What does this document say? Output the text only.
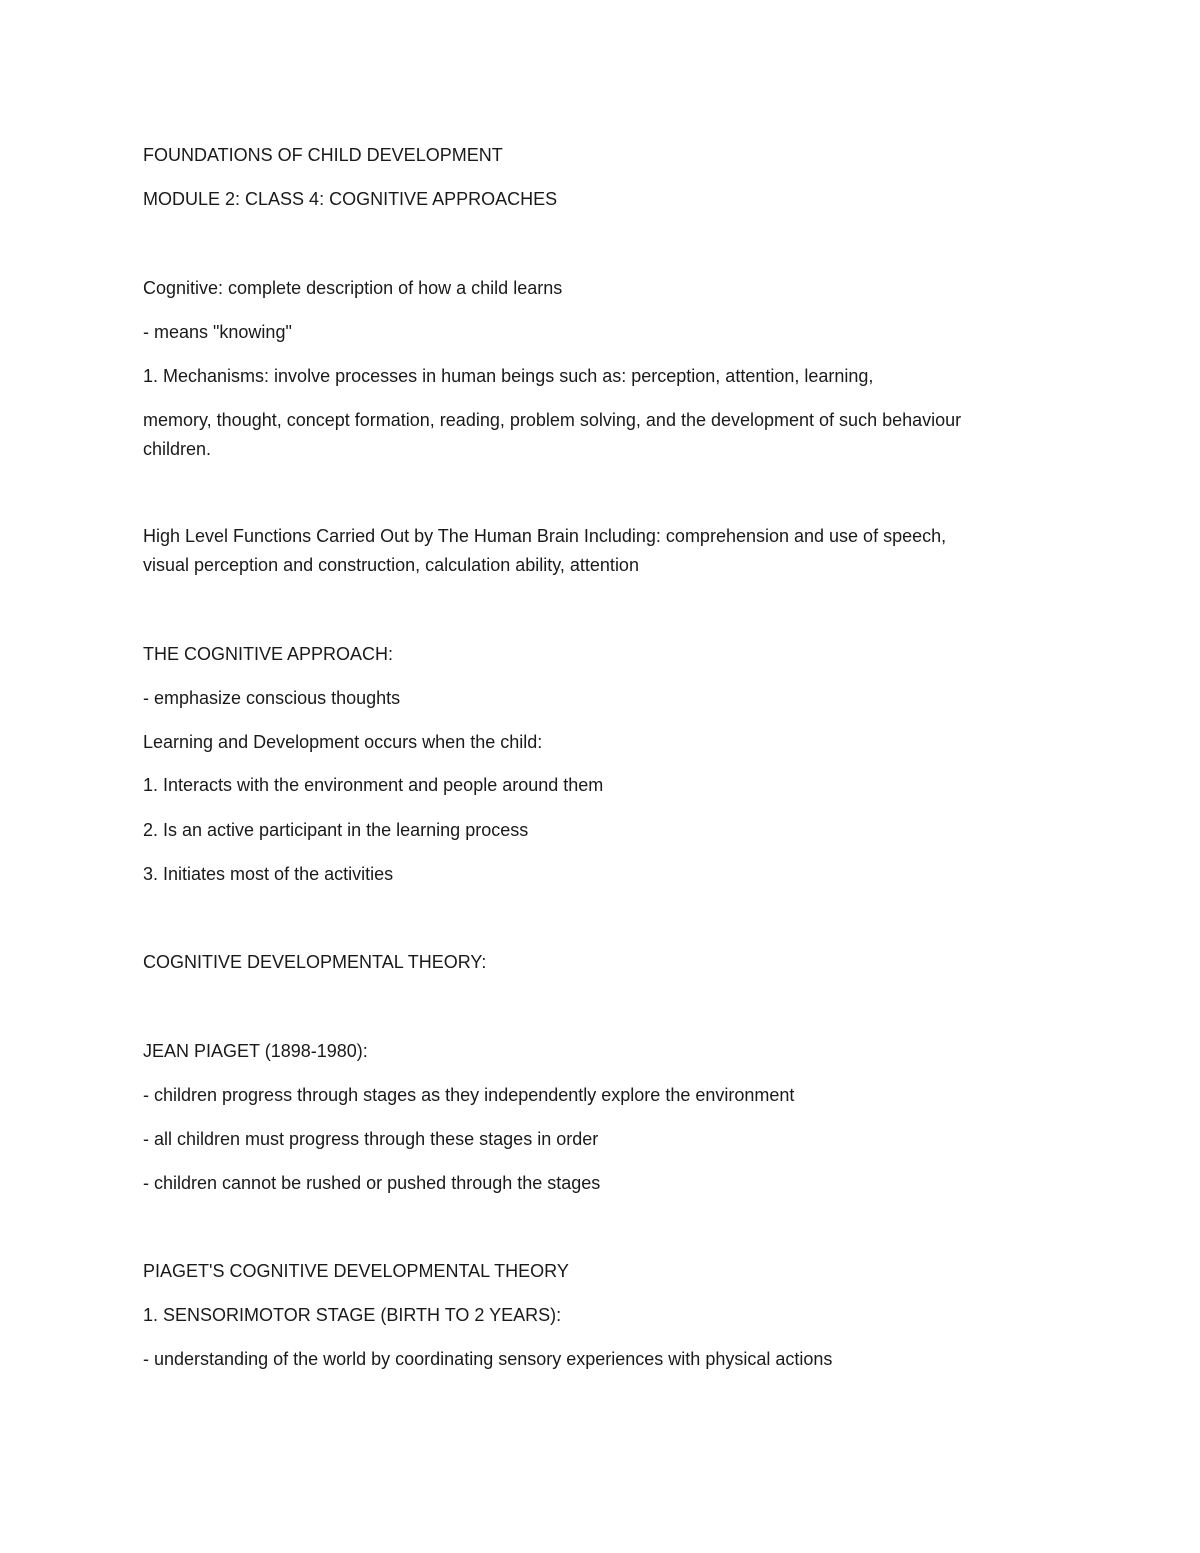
FOUNDATIONS OF CHILD DEVELOPMENT
MODULE 2: CLASS 4: COGNITIVE APPROACHES
Cognitive: complete description of how a child learns
- means "knowing"
1. Mechanisms: involve processes in human beings such as: perception, attention, learning,
memory, thought, concept formation, reading, problem solving, and the development of such behaviour
children.
High Level Functions Carried Out by The Human Brain Including: comprehension and use of speech,
visual perception and construction, calculation ability, attention
THE COGNITIVE APPROACH:
- emphasize conscious thoughts
Learning and Development occurs when the child:
1. Interacts with the environment and people around them
2. Is an active participant in the learning process
3. Initiates most of the activities
COGNITIVE DEVELOPMENTAL THEORY:
JEAN PIAGET (1898-1980):
- children progress through stages as they independently explore the environment
- all children must progress through these stages in order
- children cannot be rushed or pushed through the stages
PIAGET'S COGNITIVE DEVELOPMENTAL THEORY
1. SENSORIMOTOR STAGE (BIRTH TO 2 YEARS):
- understanding of the world by coordinating sensory experiences with physical actions
